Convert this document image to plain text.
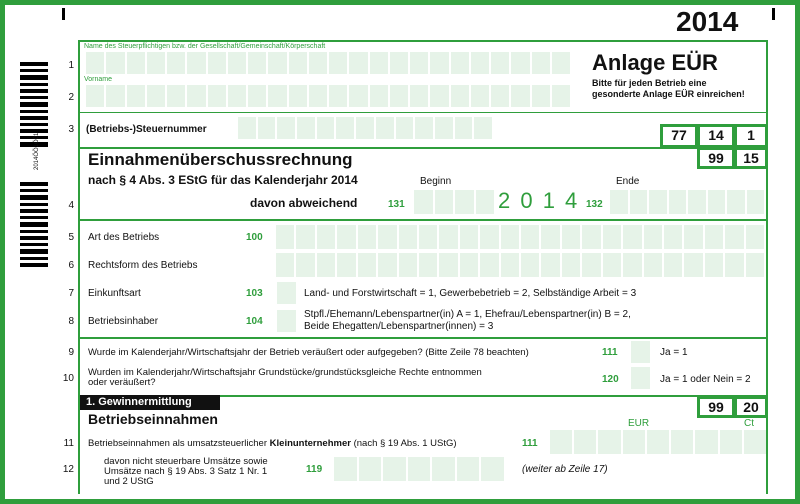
2014
2014ÖÖ1Ö01
1
Name des Steuerpflichtigen bzw. der Gesellschaft/Gemeinschaft/Körperschaft
2
Vorname
Anlage EÜR
Bitte für jeden Betrieb eine
gesonderte Anlage EÜR einreichen!
3 (Betriebs-)Steuernummer	77	14	1
99	15
Einnahmenüberschussrechnung
nach § 4 Abs. 3 EStG für das Kalenderjahr 2014
4
Beginn	Ende
davon abweichend	131	2 0 1 4 132
5 Art des Betriebs	100
6 Rechtsform des Betriebs
7 Einkunftsart	103	Land- und Forstwirtschaft = 1, Gewerbebetrieb = 2, Selbständige Arbeit = 3
8 Betriebsinhaber	104
Stpfl./Ehemann/Lebenspartner(in) A = 1, Ehefrau/Lebenspartner(in) B = 2,
Beide Ehegatten/Lebenspartner(innen) = 3
9 Wurde im Kalenderjahr/Wirtschaftsjahr der Betrieb veräußert oder aufgegeben? (Bitte Zeile 78 beachten)	111	Ja = 1
10
Wurden im Kalenderjahr/Wirtschaftsjahr Grundstücke/grundstücksgleiche Rechte entnommen
oder veräußert?	120	Ja = 1 oder Nein = 2
1. Gewinnermittlung	99	20
Betriebseinnahmen	EUR	Ct
11 Betriebseinnahmen als umsatzsteuerlicher Kleinunternehmer (nach § 19 Abs. 1 UStG)	111
12
davon nicht steuerbare Umsätze sowie
Umsätze nach § 19 Abs. 3 Satz 1 Nr. 1
und 2 UStG
119	(weiter ab Zeile 17)
